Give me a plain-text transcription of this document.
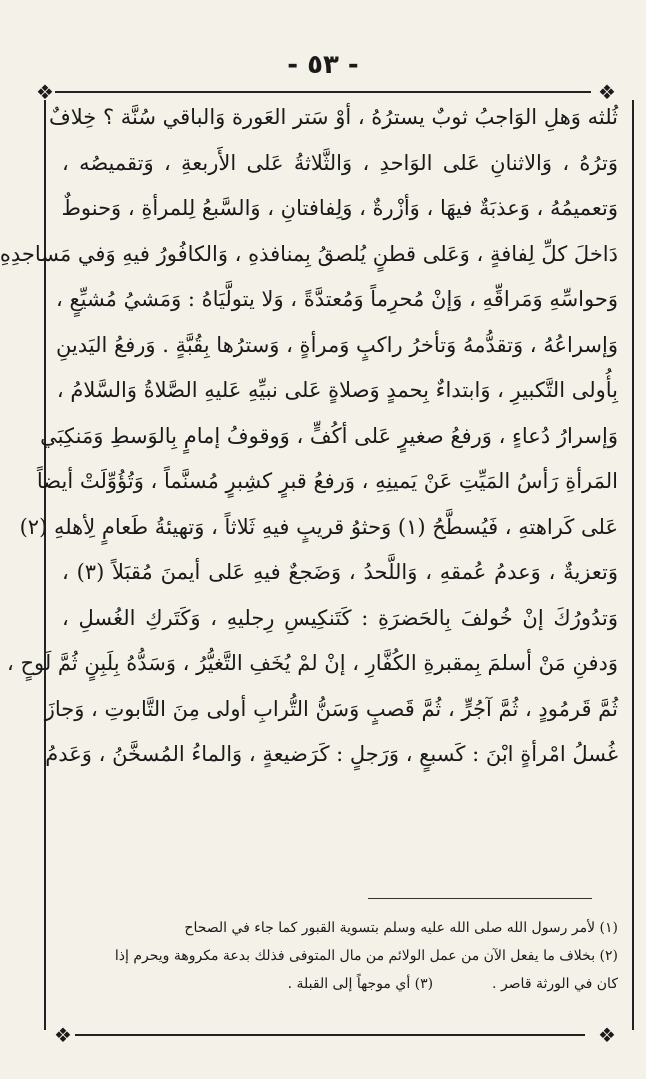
- ٥٣ -
❖	❖
❖	❖
ثُلثه وَهلِ الوَاجبُ ثوبٌ يسترُهُ ، أوْ سَتر العَورة وَالباقي سُنَّة ؟ خِلافٌ
وَترُهُ ، وَالاثنانِ عَلى الوَاحدِ ، وَالثَّلاثةُ عَلى الأَربعةِ ، وَتقميصُه ،
وَتعميمُهُ ، وَعذبَةٌ فيهَا ، وَأزْرةٌ ، وَلِفافتانِ ، وَالسَّبعُ لِلمرأةِ ، وَحنوطٌ
دَاخلَ كلِّ لِفافةٍ ، وَعَلى قطنٍ يُلصقُ بِمنافذهِ ، وَالكافُورُ فيهِ وَفي مَساجدِهِ
وَحواسِّهِ وَمَراقِّهِ ، وَإنْ مُحرِماً وَمُعتدَّةً ، وَلا يتولَّيَاهُ : وَمَشيُ مُشيِّعٍ ،
وَإسراعُهُ ، وَتقدُّمهُ وَتأخرُ راكبٍ وَمرأةٍ ، وَسترُها بِقُبَّةٍ . وَرفعُ اليَدينِ
بِأُولى التَّكبيرِ ، وَابتداءٌ بِحمدٍ وَصلاةٍ عَلى نبيِّهِ عَليهِ الصَّلاةُ وَالسَّلامُ ،
وَإسرارُ دُعاءٍ ، وَرفعُ صغيرٍ عَلى أكُفٍّ ، وَوقوفُ إمامٍ بِالوَسطِ وَمَنكِبَي
المَرأةِ رَأسُ المَيِّتِ عَنْ يَمينِهِ ، وَرفعُ قبرٍ كشِبرٍ مُسنَّماً ، وَتُؤُوِّلَتْ أيضاً
عَلى كَراهتهِ ، فَيُسطَّحُ (١) وَحثوُ قريبٍ فيهِ ثَلاثاً ، وَتهيئةُ طَعامٍ لِأهلهِ (٢)
وَتعزيةٌ ، وَعدمُ عُمقهِ ، وَاللَّحدُ ، وَضَجعٌ فيهِ عَلى أيمنَ مُقبَلاً (٣) ،
وَتدُورُكَ إنْ خُولفَ بِالحَضرَةِ : كَتَنكِيسِ رِجليهِ ، وَكَتَركِ الغُسلِ ،
وَدفنِ مَنْ أسلمَ بِمقبرةِ الكُفَّارِ ، إنْ لمْ يُخَفِ التَّغيُّرُ ، وَسَدُّهُ بِلَبِنٍ ثُمَّ لَوحٍ ،
ثُمَّ قَرمُودٍ ، ثُمَّ آجُرٍّ ، ثُمَّ قَصبٍ وَسَنُّ التُّرابِ أولى مِنَ التَّابوتِ ، وَجازَ
غُسلُ امْرأةٍ ابْنَ : كَسبعٍ ، وَرَجلٍ : كَرَضيعةٍ ، وَالماءُ المُسخَّنُ ، وَعَدمُ
(١) لأمر رسول الله صلى الله عليه وسلم بتسوية القبور كما جاء في الصحاح
(٢) بخلاف ما يفعل الآن من عمل الولائم من مال المتوفى فذلك بدعة مكروهة ويحرم إذا
كان في الورثة قاصر .  (٣) أي موجهاً إلى القبلة .
